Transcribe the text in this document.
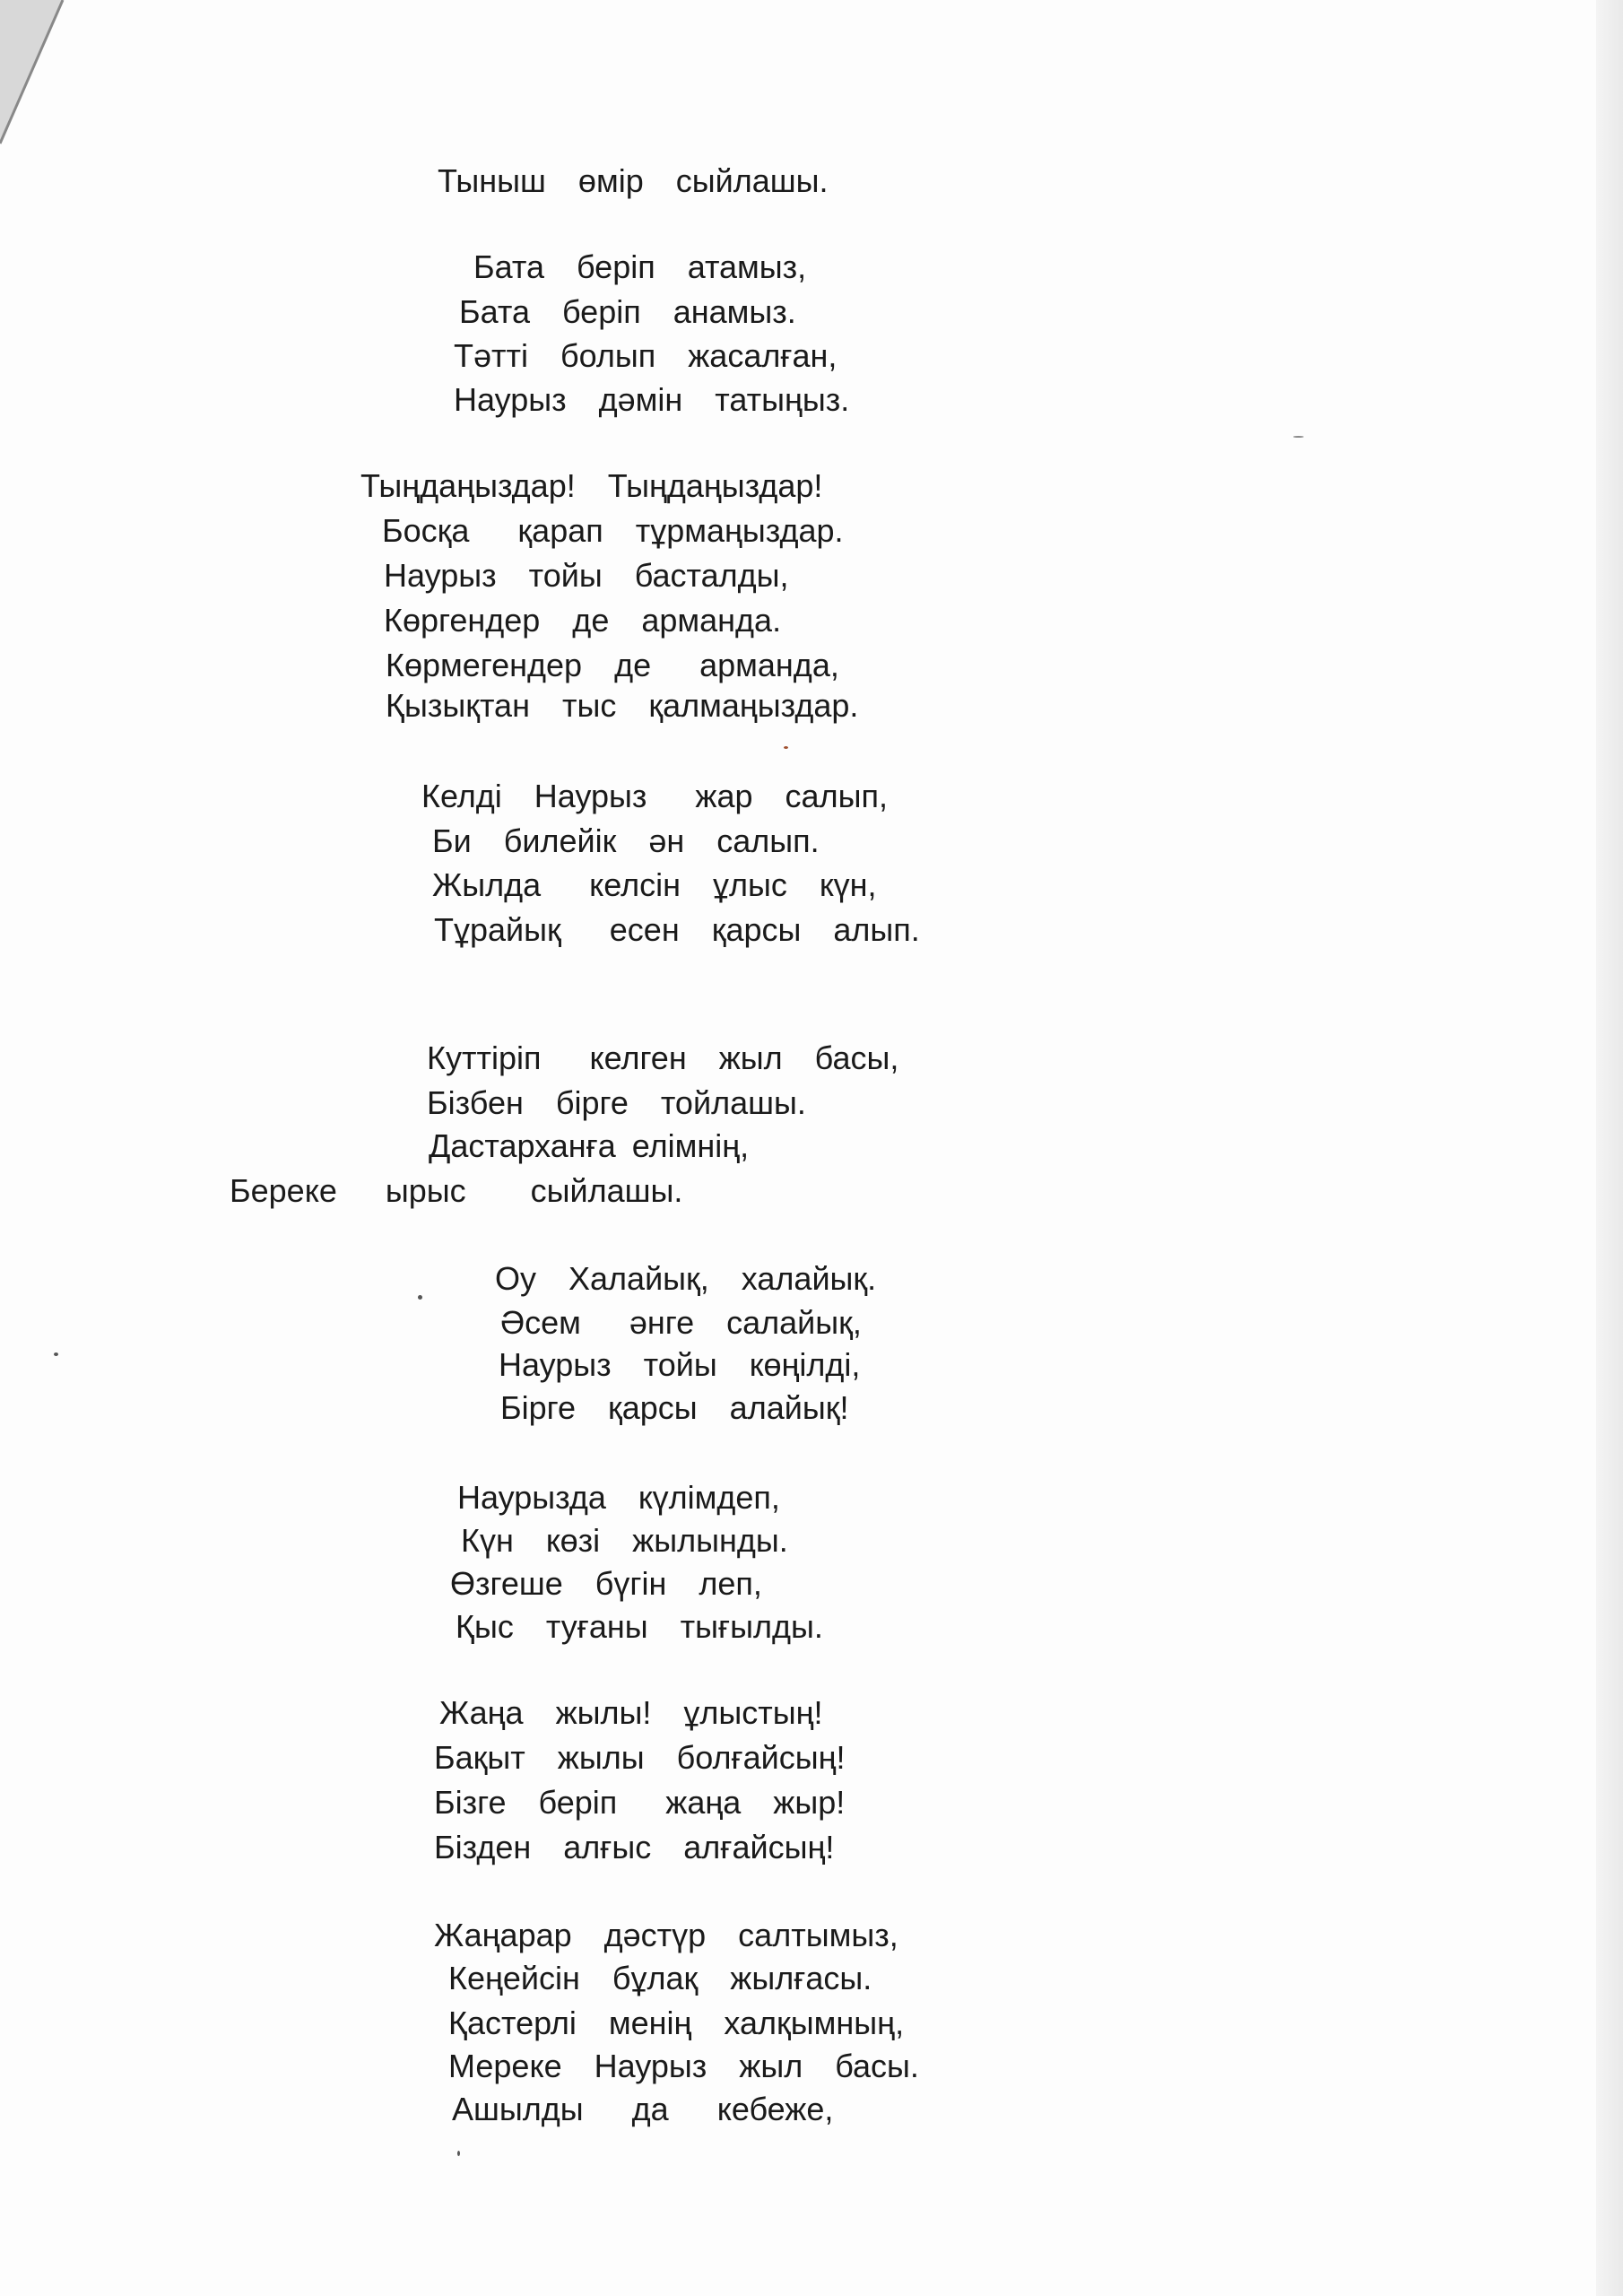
Тыныш  өмір  сыйлашы.
Бата  беріп  атамыз,
Бата  беріп  анамыз.
Тәтті  болып  жасалған,
Наурыз  дәмін  татыңыз.
Тыңдаңыздар!  Тыңдаңыздар!
Босқа   қарап  тұрмаңыздар.
Наурыз  тойы  басталды,
Көргендер  де  арманда.
Көрмегендер  де   арманда,
Қызықтан  тыс  қалмаңыздар.
Келді  Наурыз   жар  салып,
Би  билейік  ән  салып.
Жылда   келсін  ұлыс  күн,
Тұрайық   есен  қарсы  алып.
Куттіріп   келген  жыл  басы,
Бізбен  бірге  тойлашы.
Дастарханға елімнің,
Береке   ырыс    сыйлашы.
Оу  Халайық,  халайық.
Әсем   әнге  салайық,
Наурыз  тойы  көңілді,
Бірге  қарсы  алайық!
Наурызда  күлімдеп,
Күн  көзі  жылынды.
Өзгеше  бүгін  леп,
Қыс  туғаны  тығылды.
Жаңа  жылы!  ұлыстың!
Бақыт  жылы  болғайсың!
Бізге  беріп   жаңа  жыр!
Бізден  алғыс  алғайсың!
Жаңарар  дәстүр  салтымыз,
Кеңейсін  бұлақ  жылғасы.
Қастерлі  менің  халқымның,
Мереке  Наурыз  жыл  басы.
Ашылды   да   кебеже,
